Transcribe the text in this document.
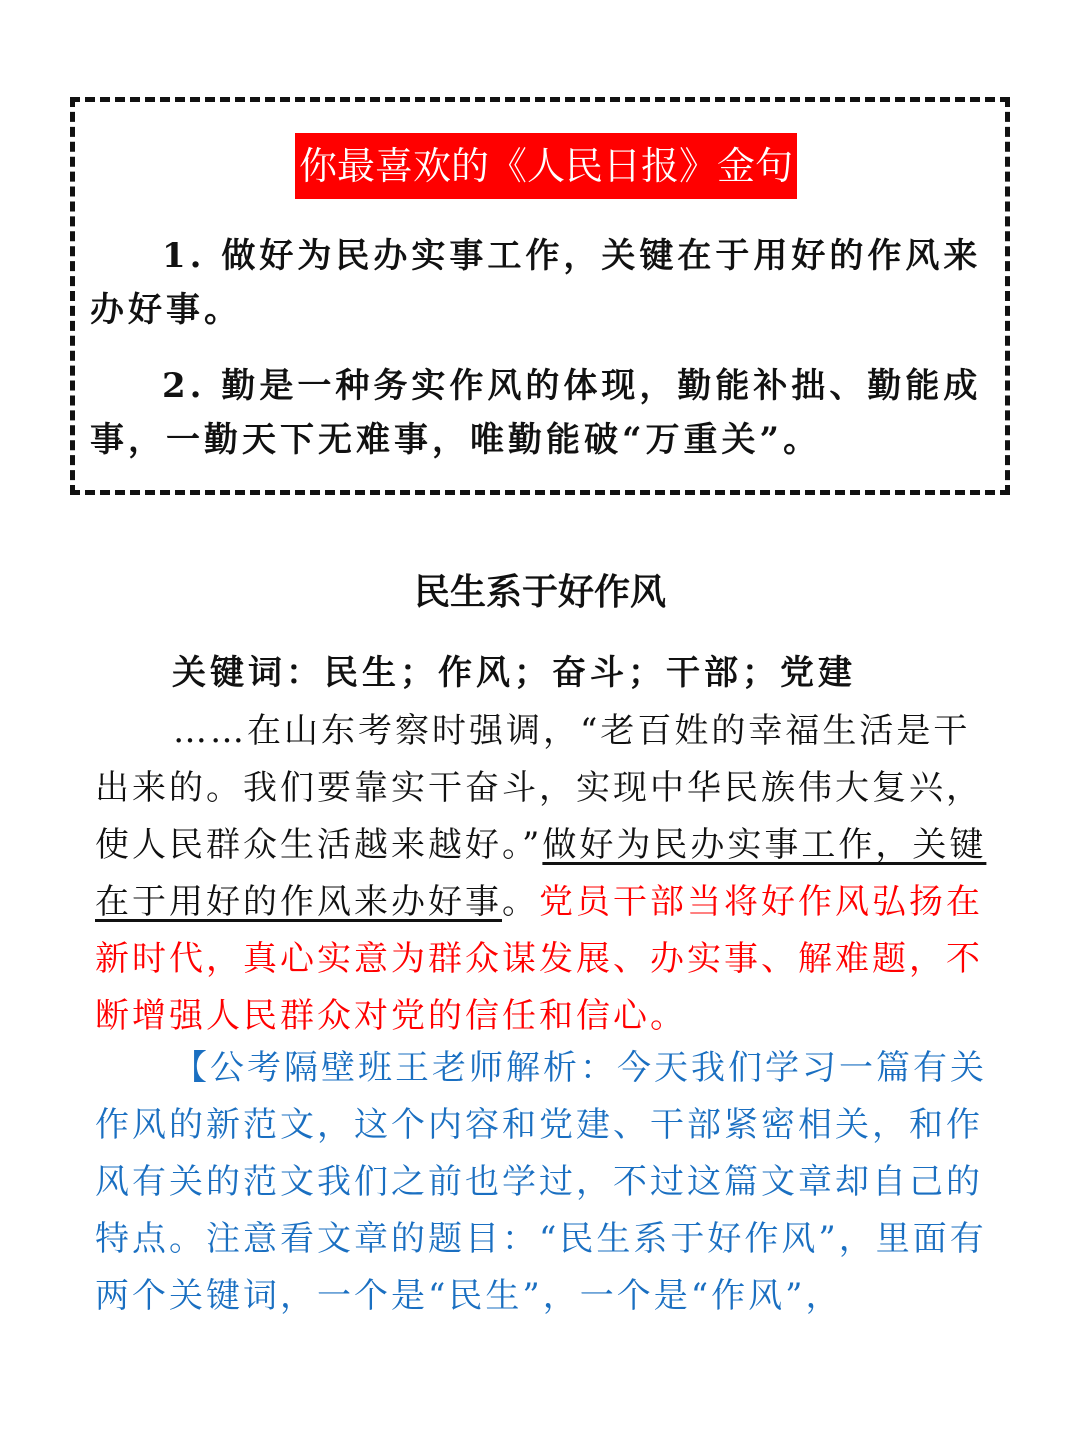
你最喜欢的《人民日报》金句

1. 做好为民办实事工作，关键在于用好的作风来办好事。

2. 勤是一种务实作风的体现，勤能补拙、勤能成事，一勤天下无难事，唯勤能破“万重关”。

民生系于好作风
关键词：民生；作风；奋斗；干部；党建

……在山东考察时强调，“老百姓的幸福生活是干出来的。我们要靠实干奋斗，实现中华民族伟大复兴，使人民群众生活越来越好。”做好为民办实事工作，关键在于用好的作风来办好事。党员干部当将好作风弘扬在新时代，真心实意为群众谋发展、办实事、解难题，不断增强人民群众对党的信任和信心。

【公考隔壁班王老师解析：今天我们学习一篇有关作风的新范文，这个内容和党建、干部紧密相关，和作风有关的范文我们之前也学过，不过这篇文章却自己的特点。注意看文章的题目：“民生系于好作风”，里面有两个关键词，一个是“民生”，一个是“作风”，
